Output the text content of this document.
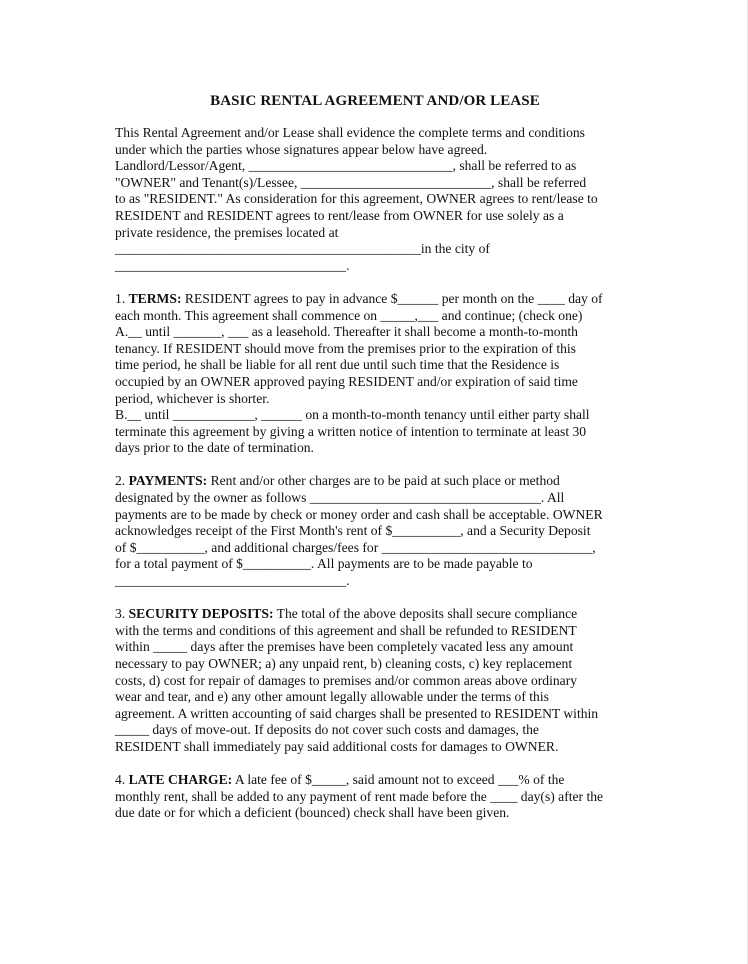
BASIC RENTAL AGREEMENT AND/OR LEASE
This Rental Agreement and/or Lease shall evidence the complete terms and conditions
under which the parties whose signatures appear below have agreed.
Landlord/Lessor/Agent, ______________________________, shall be referred to as
"OWNER" and Tenant(s)/Lessee, ____________________________, shall be referred
to as "RESIDENT." As consideration for this agreement, OWNER agrees to rent/lease to
RESIDENT and RESIDENT agrees to rent/lease from OWNER for use solely as a
private residence, the premises located at
_____________________________________________in the city of
__________________________________.
1. TERMS: RESIDENT agrees to pay in advance $______ per month on the ____ day of
each month. This agreement shall commence on _____,___ and continue; (check one)
A.__ until _______, ___ as a leasehold. Thereafter it shall become a month-to-month
tenancy. If RESIDENT should move from the premises prior to the expiration of this
time period, he shall be liable for all rent due until such time that the Residence is
occupied by an OWNER approved paying RESIDENT and/or expiration of said time
period, whichever is shorter.
B.__ until ____________, ______ on a month-to-month tenancy until either party shall
terminate this agreement by giving a written notice of intention to terminate at least 30
days prior to the date of termination.
2. PAYMENTS: Rent and/or other charges are to be paid at such place or method
designated by the owner as follows __________________________________. All
payments are to be made by check or money order and cash shall be acceptable. OWNER
acknowledges receipt of the First Month's rent of $__________, and a Security Deposit
of $__________, and additional charges/fees for _______________________________,
for a total payment of $__________. All payments are to be made payable to
__________________________________.
3. SECURITY DEPOSITS: The total of the above deposits shall secure compliance
with the terms and conditions of this agreement and shall be refunded to RESIDENT
within _____ days after the premises have been completely vacated less any amount
necessary to pay OWNER; a) any unpaid rent, b) cleaning costs, c) key replacement
costs, d) cost for repair of damages to premises and/or common areas above ordinary
wear and tear, and e) any other amount legally allowable under the terms of this
agreement. A written accounting of said charges shall be presented to RESIDENT within
_____ days of move-out. If deposits do not cover such costs and damages, the
RESIDENT shall immediately pay said additional costs for damages to OWNER.
4. LATE CHARGE: A late fee of $_____, said amount not to exceed ___% of the
monthly rent, shall be added to any payment of rent made before the ____ day(s) after the
due date or for which a deficient (bounced) check shall have been given.
